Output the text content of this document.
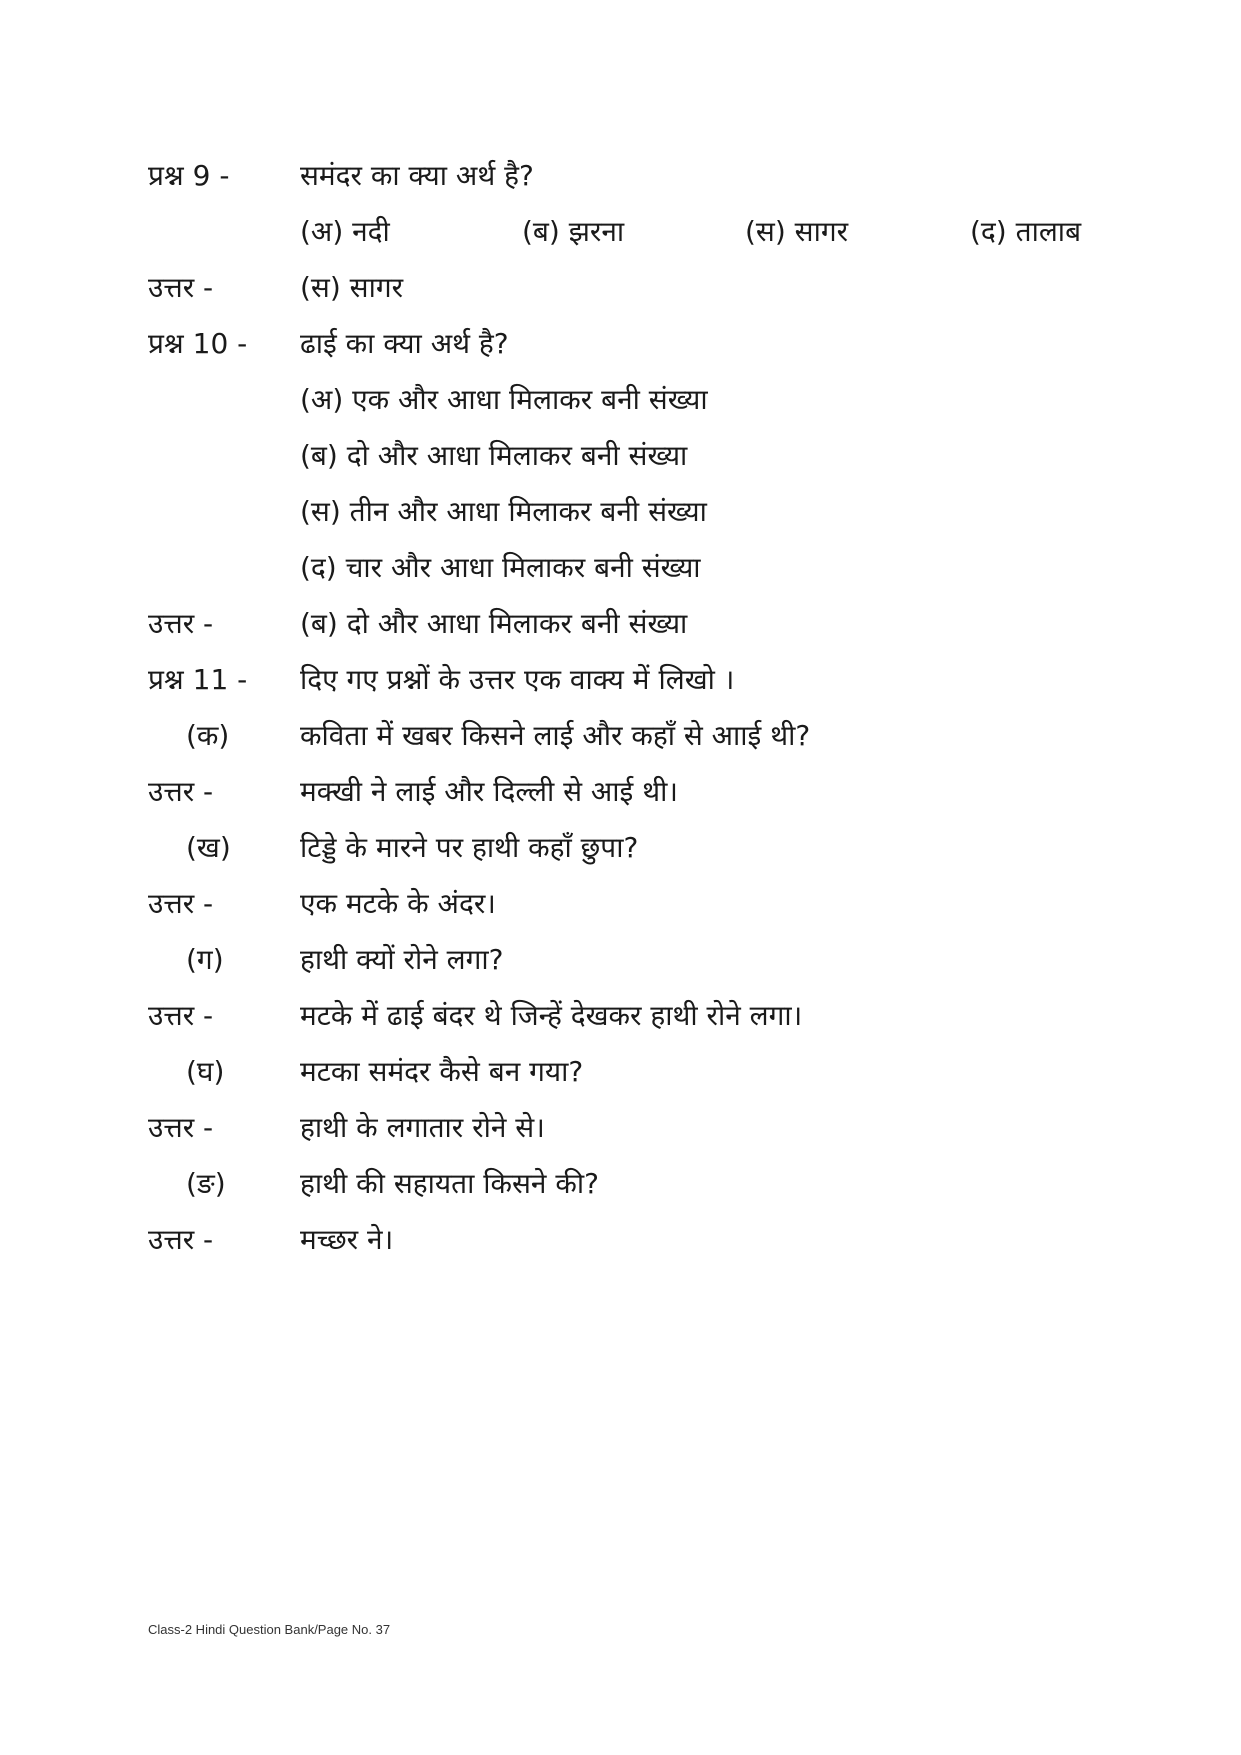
प्रश्न 9 -	समंदर का क्या अर्थ है?
(अ) नदी	(ब) झरना	(स) सागर	(द) तालाब
उत्तर -	(स) सागर
प्रश्न 10 - ढाई का क्या अर्थ है?
(अ) एक और आधा मिलाकर बनी संख्या
(ब) दो और आधा मिलाकर बनी संख्या
(स) तीन और आधा मिलाकर बनी संख्या
(द) चार और आधा मिलाकर बनी संख्या
उत्तर -	(ब) दो और आधा मिलाकर बनी संख्या
प्रश्न 11 - दिए गए प्रश्नों के उत्तर एक वाक्य में लिखो ।
(क)	कविता में खबर किसने लाई और कहाँ से आाई थी?
उत्तर -	मक्खी ने लाई और दिल्ली से आई थी।
(ख) टिड्डे के मारने पर हाथी कहाँ छुपा?
उत्तर -	एक मटके के अंदर।
(ग)	हाथी क्यों रोने लगा?
उत्तर -	मटके में ढाई बंदर थे जिन्हें देखकर हाथी रोने लगा।
(घ)	मटका समंदर कैसे बन गया?
उत्तर -	हाथी के लगातार रोने से।
(ङ)	हाथी की सहायता किसने की?
उत्तर -	मच्छर ने।
Class-2 Hindi Question Bank/Page No. 37
